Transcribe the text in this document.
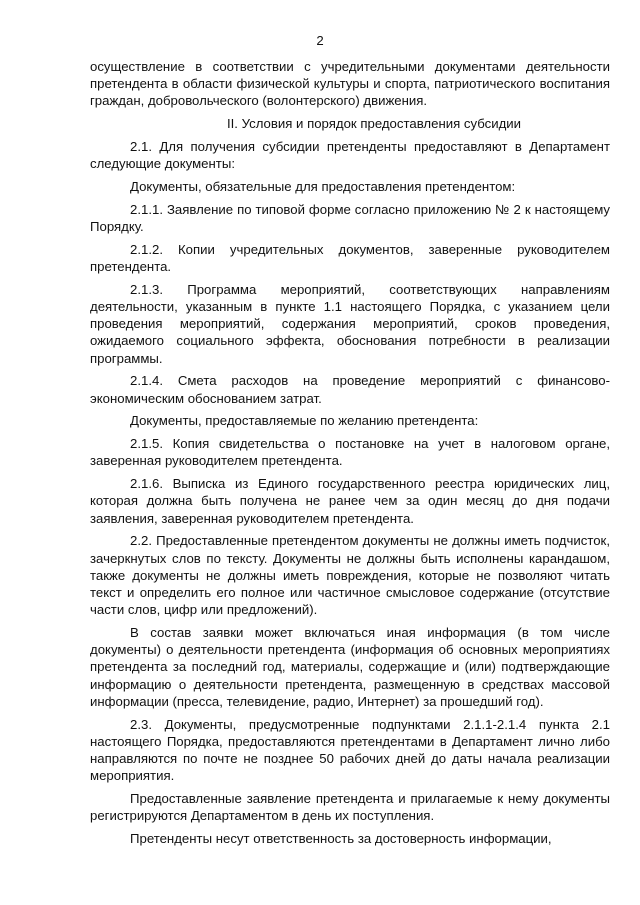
2

осуществление в соответствии с учредительными документами деятельности претендента в области физической культуры и спорта, патриотического воспитания граждан, добровольческого (волонтерского) движения.

II. Условия и порядок предоставления субсидии

2.1. Для получения субсидии претенденты предоставляют в Департамент следующие документы:

Документы, обязательные для предоставления претендентом:

2.1.1. Заявление по типовой форме согласно приложению № 2 к настоящему Порядку.

2.1.2. Копии учредительных документов, заверенные руководителем претендента.

2.1.3. Программа мероприятий, соответствующих направлениям деятельности, указанным в пункте 1.1 настоящего Порядка, с указанием цели проведения мероприятий, содержания мероприятий, сроков проведения, ожидаемого социального эффекта, обоснования потребности в реализации программы.

2.1.4. Смета расходов на проведение мероприятий с финансово-экономическим обоснованием затрат.

Документы, предоставляемые по желанию претендента:

2.1.5. Копия свидетельства о постановке на учет в налоговом органе, заверенная руководителем претендента.

2.1.6. Выписка из Единого государственного реестра юридических лиц, которая должна быть получена не ранее чем за один месяц до дня подачи заявления, заверенная руководителем претендента.

2.2. Предоставленные претендентом документы не должны иметь подчисток, зачеркнутых слов по тексту. Документы не должны быть исполнены карандашом, также документы не должны иметь повреждения, которые не позволяют читать текст и определить его полное или частичное смысловое содержание (отсутствие части слов, цифр или предложений).

В состав заявки может включаться иная информация (в том числе документы) о деятельности претендента (информация об основных мероприятиях претендента за последний год, материалы, содержащие и (или) подтверждающие информацию о деятельности претендента, размещенную в средствах массовой информации (пресса, телевидение, радио, Интернет) за прошедший год).

2.3. Документы, предусмотренные подпунктами 2.1.1-2.1.4 пункта 2.1 настоящего Порядка, предоставляются претендентами в Департамент лично либо направляются по почте не позднее 50 рабочих дней до даты начала реализации мероприятия.

Предоставленные заявление претендента и прилагаемые к нему документы регистрируются Департаментом в день их поступления.

Претенденты несут ответственность за достоверность информации,
